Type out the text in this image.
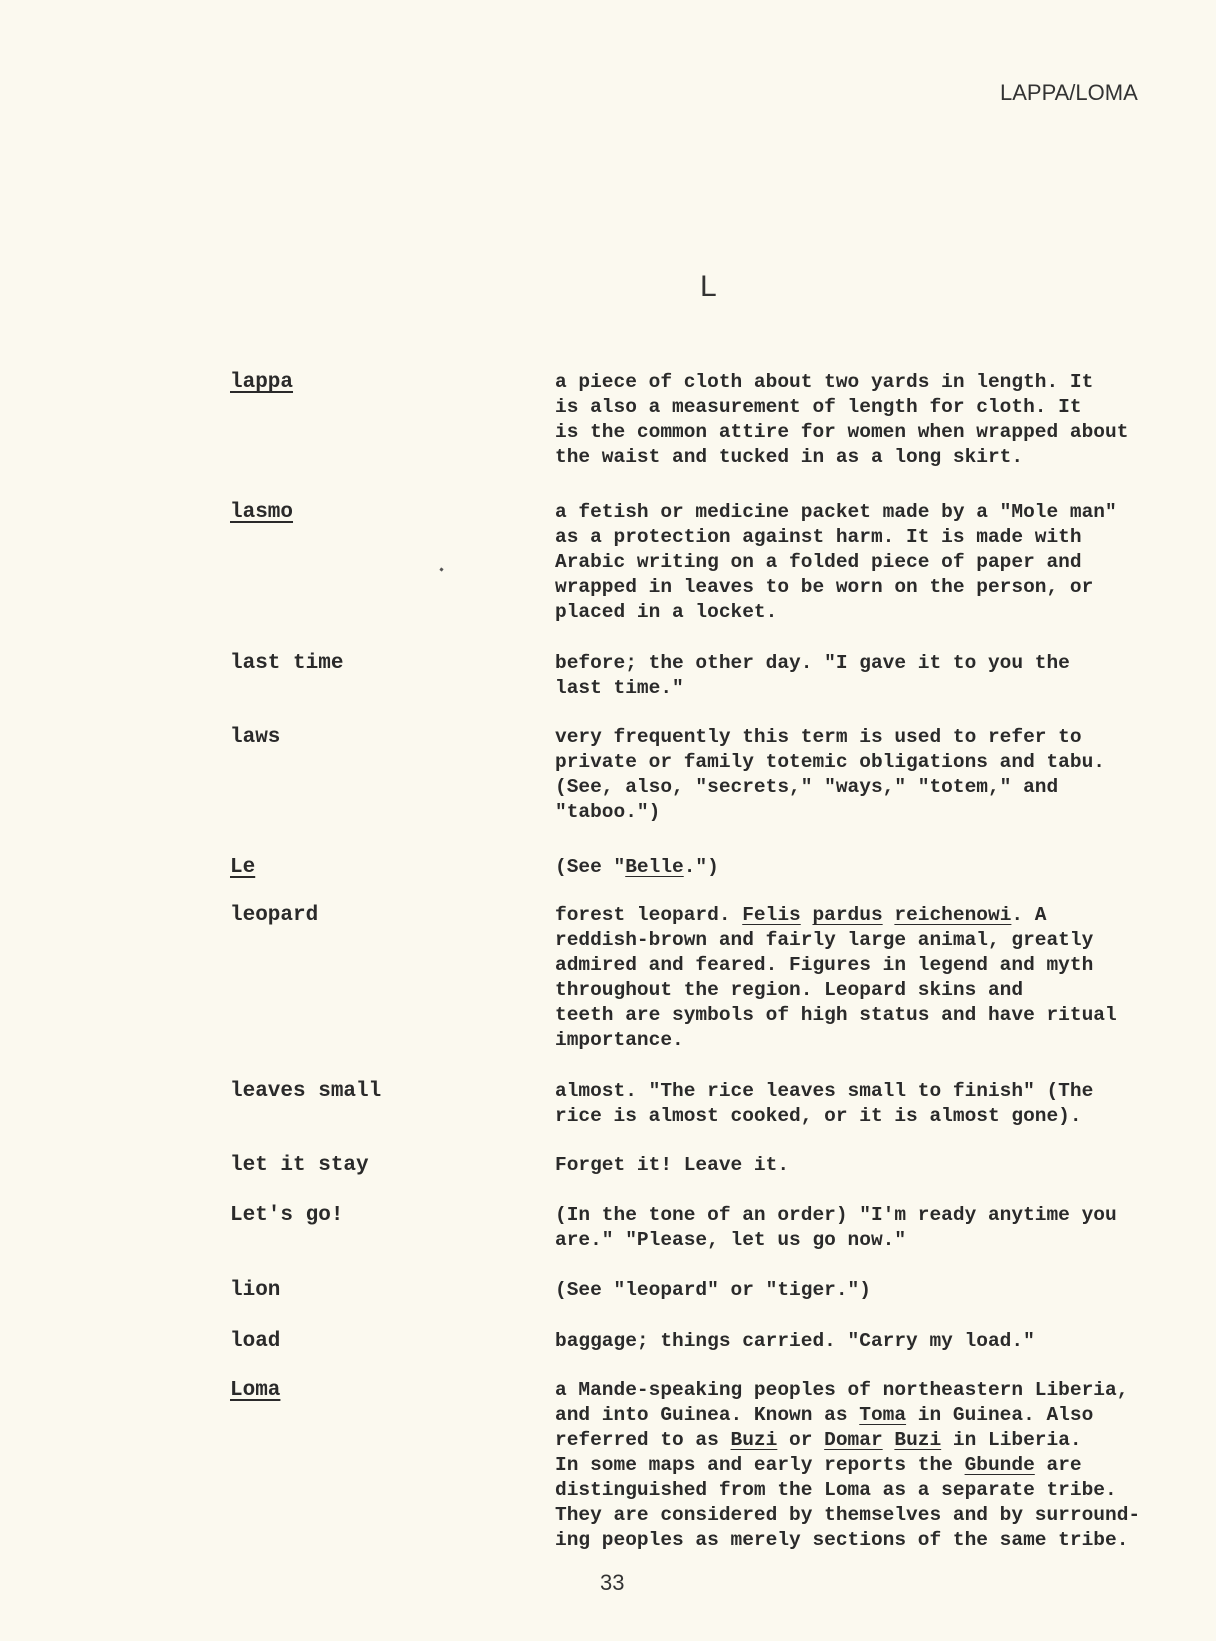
LAPPA/LOMA
L
lappa	a piece of cloth about two yards in length. It
is also a measurement of length for cloth. It
is the common attire for women when wrapped about
the waist and tucked in as a long skirt.
lasmo	a fetish or medicine packet made by a "Mole man"
as a protection against harm. It is made with
Arabic writing on a folded piece of paper and
wrapped in leaves to be worn on the person, or
placed in a locket.
last time	before; the other day. "I gave it to you the
last time."
laws	very frequently this term is used to refer to
private or family totemic obligations and tabu.
(See, also, "secrets," "ways," "totem," and
"taboo.")
Le	(See "Belle.")
leopard	forest leopard. Felis pardus reichenowi. A
reddish-brown and fairly large animal, greatly
admired and feared. Figures in legend and myth
throughout the region. Leopard skins and
teeth are symbols of high status and have ritual
importance.
leaves small	almost. "The rice leaves small to finish" (The
rice is almost cooked, or it is almost gone).
let it stay	Forget it! Leave it.
Let's go!	(In the tone of an order) "I'm ready anytime you
are." "Please, let us go now."
lion	(See "leopard" or "tiger.")
load	baggage; things carried. "Carry my load."
Loma	a Mande-speaking peoples of northeastern Liberia,
and into Guinea. Known as Toma in Guinea. Also
referred to as Buzi or Domar Buzi in Liberia.
In some maps and early reports the Gbunde are
distinguished from the Loma as a separate tribe.
They are considered by themselves and by surround-
ing peoples as merely sections of the same tribe.
33
